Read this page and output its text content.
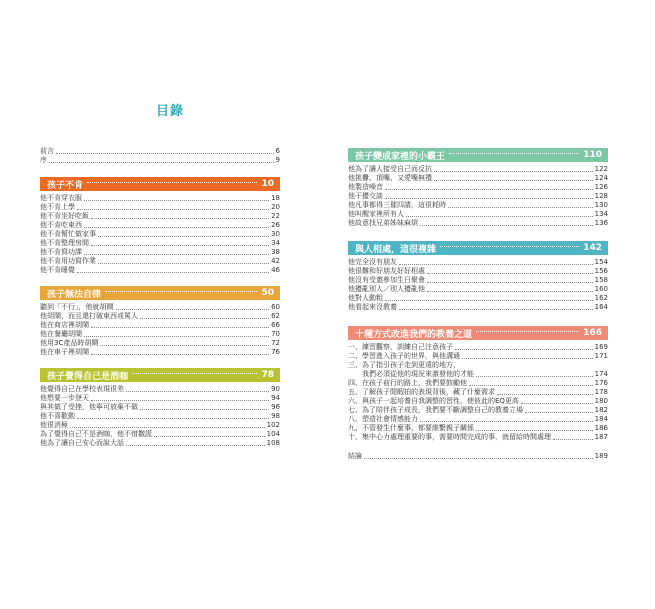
目錄
前言	6
序	9
孩子不肯	10
他不肯穿衣服	18
他不肯上學	20
他不肯坐好吃飯	22
他不肯吃東西	26
他不肯幫忙做家事	30
他不肯整理房間	34
他不肯寫功課	38
他不肯用功寫作業	42
他不肯睡覺	46
孩子無法自律	50
聽到「不行」，他就胡鬧	60
他胡鬧，而且還打破東西或罵人	62
他在商店裡胡鬧	66
他在餐廳胡鬧	70
他用3C產品時胡鬧	72
他在車子裡胡鬧	76
孩子覺得自己是酒咖	78
他覺得自己在學校表現很差	90
他想要一步登天	94
與其做了受挫，他寧可放棄不做	96
他不喜歡動	98
他很消極	102
為了覺得自己不是酒咖，他不惜撒謊	104
他為了讓自己安心而說大話	108
孩子變成家裡的小霸王	110
他為了讓人接受自己而反抗	122
他挑釁、頂嘴、又愛嘴無禮	124
他製造噪音	126
他干擾交談	128
他凡事都得三催四請，這很耗時	130
他叫醒家裡所有人	134
他故意找兄弟姊妹麻煩	136
與人相處，這很複雜	142
他完全沒有朋友	154
他很難和好朋友好好相處	156
他沒有受邀參加生日聚會	158
他擾亂別人／別人擾亂他	160
他對人動粗	162
他看起來沒教養	164
十種方式改進我們的教養之道	166
一、練習觀察，訓練自己注意孩子	169
二、學習進入孩子的世界，與他溝通	171
三、為了指引孩子走到更遠的地方，
　　我們必須從他的現況來激發他的才能	174
四、在孩子前行的路上，我們要鼓勵他	176
五、了解孩子閒暇拍的表現背後，藏了什麼需求	178
六、與孩子一起培養自我調整的習性，使彼此的EQ更高	180
七、為了陪伴孩子成長，我們要不斷調整自己的教養立場	182
八、塑造社會情感能力	184
九、不管發生什麼事，都要維繫親子關係	186
十、集中心力處理重要的事，需要時間完成的事，就留給時間處理	187
結論	189
